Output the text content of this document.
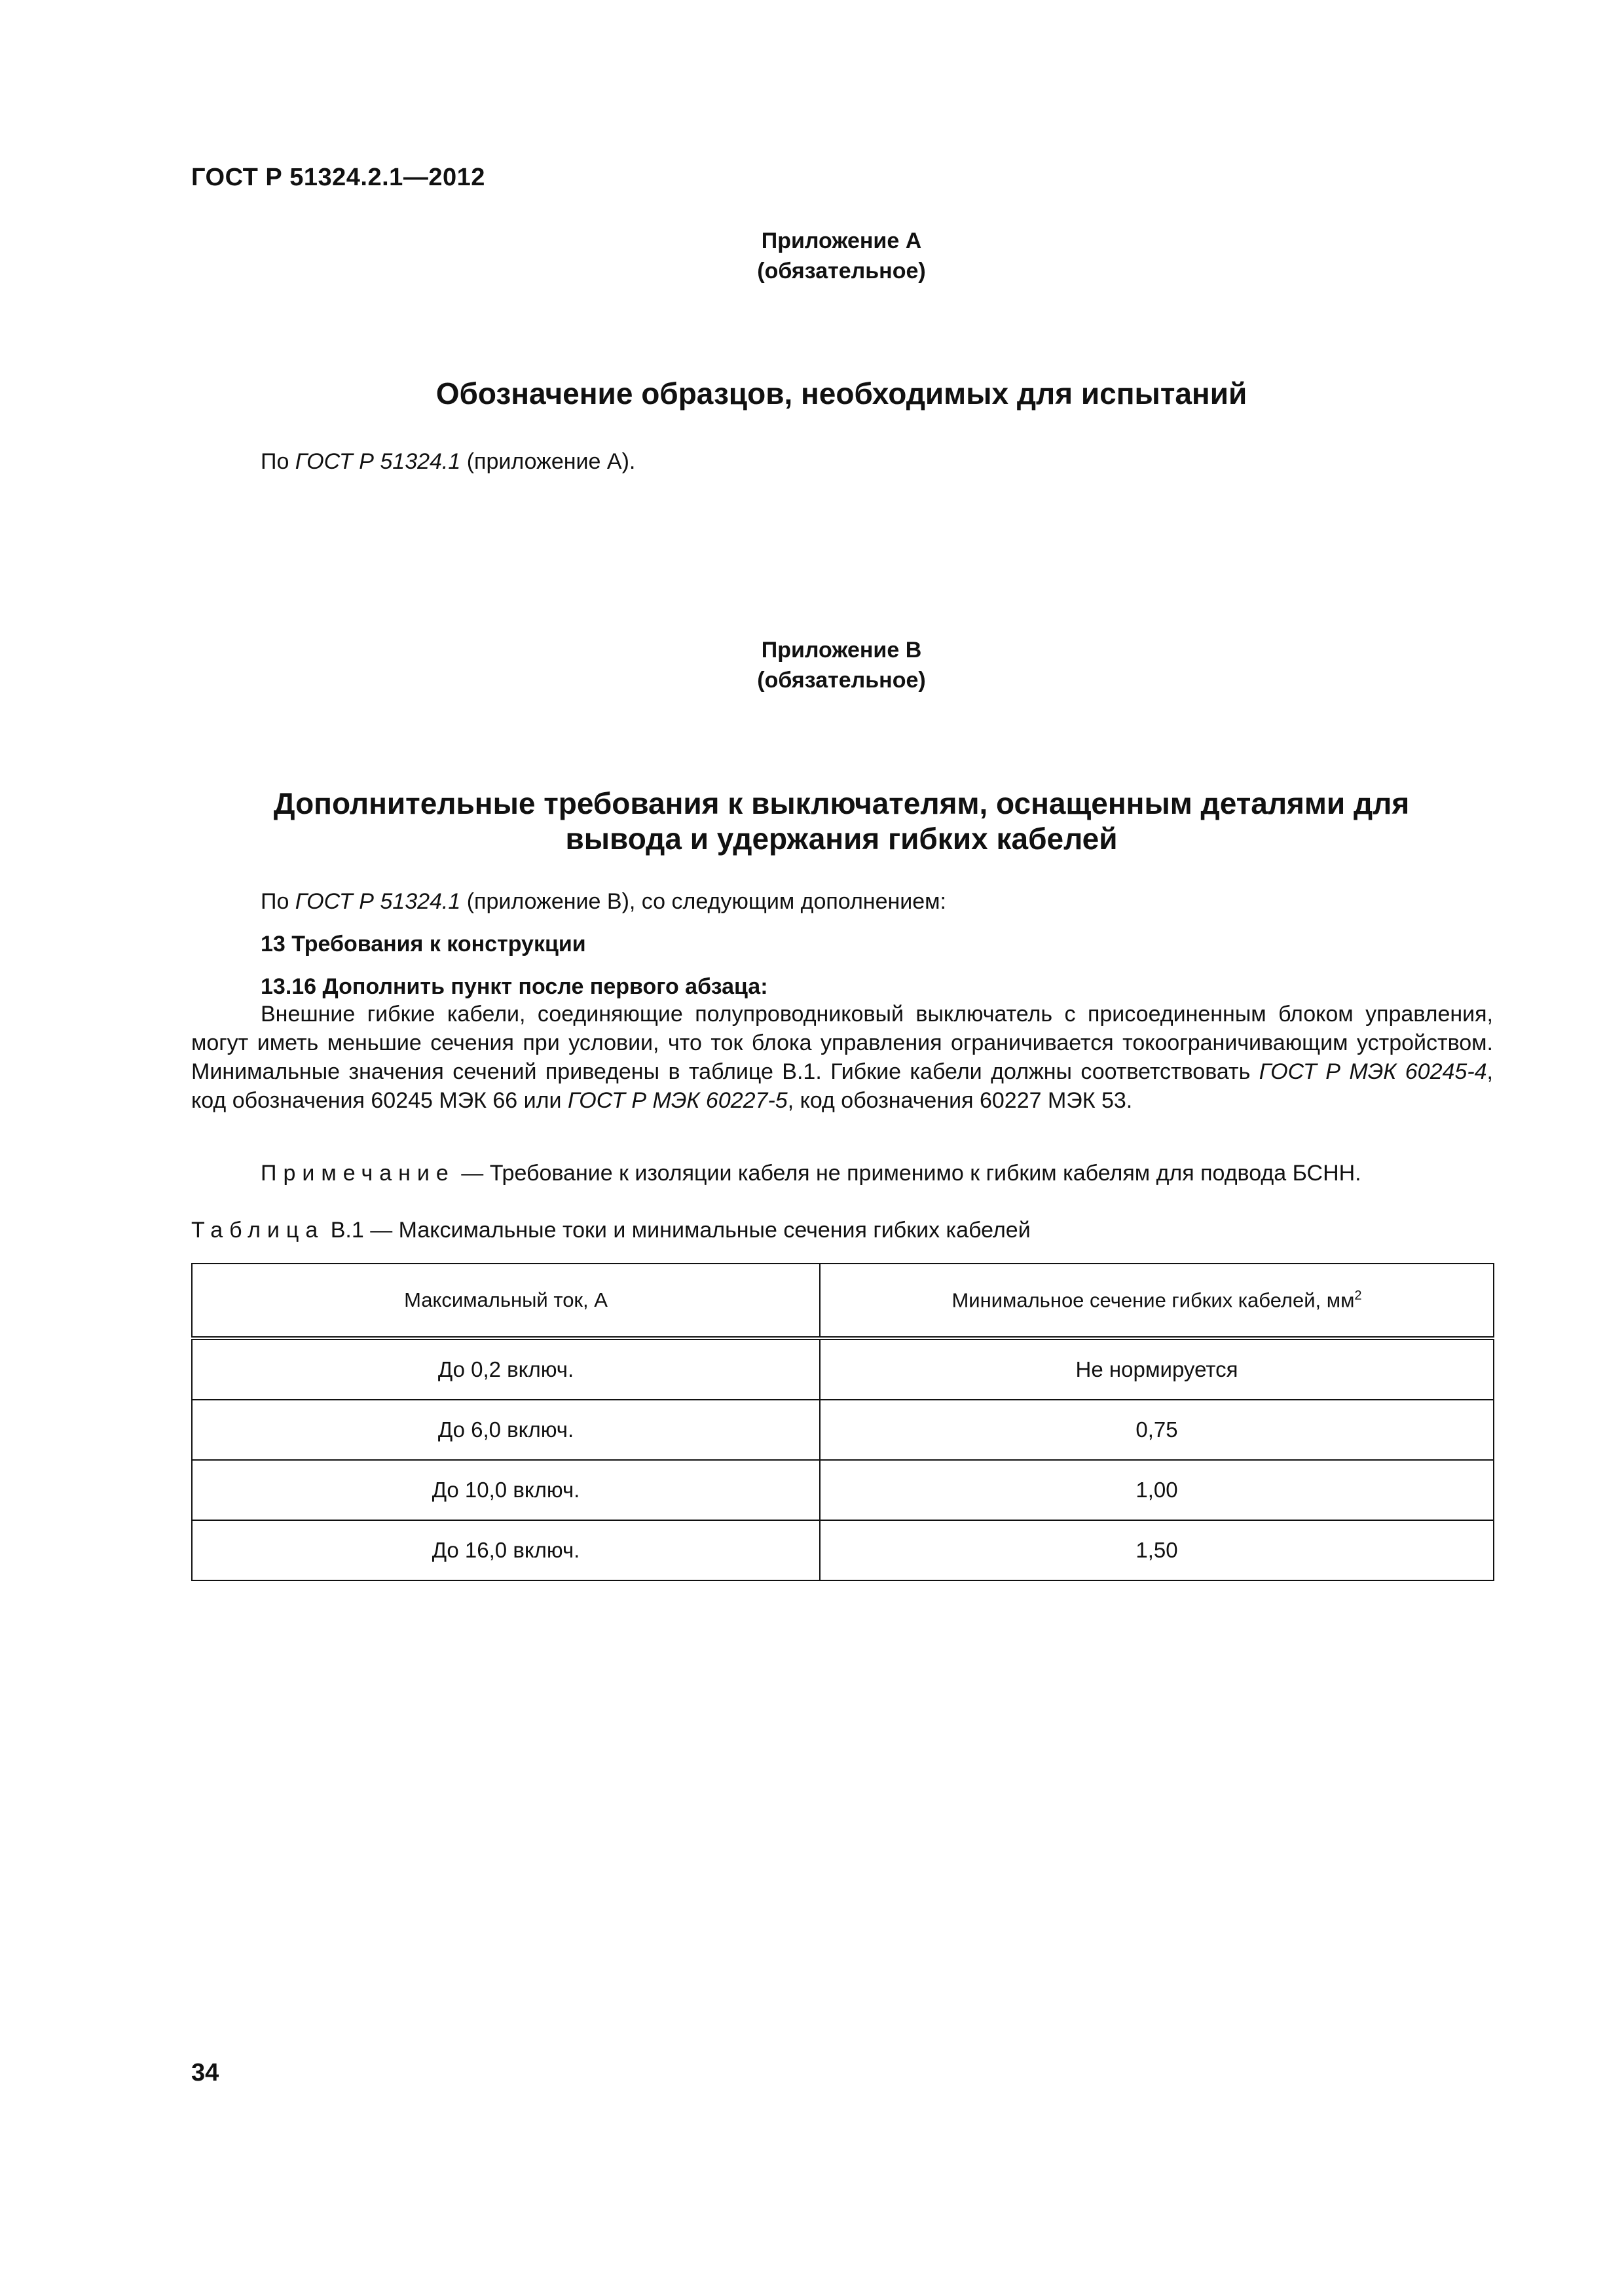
ГОСТ Р 51324.2.1—2012
Приложение А
(обязательное)
Обозначение образцов, необходимых для испытаний
По ГОСТ Р 51324.1 (приложение А).
Приложение В
(обязательное)
Дополнительные требования к выключателям, оснащенным деталями для
вывода и удержания гибких кабелей
По ГОСТ Р 51324.1 (приложение В), со следующим дополнением:
13 Требования к конструкции
13.16 Дополнить пункт после первого абзаца:
Внешние гибкие кабели, соединяющие полупроводниковый выключатель с присоединенным блоком управления, могут иметь меньшие сечения при условии, что ток блока управления ограничивается токоограничивающим устройством. Минимальные значения сечений приведены в таблице В.1. Гибкие кабели должны соответствовать ГОСТ Р МЭК 60245-4, код обозначения 60245 МЭК 66 или ГОСТ Р МЭК 60227-5, код обозначения 60227 МЭК 53.
Примечание — Требование к изоляции кабеля не применимо к гибким кабелям для подвода БСНН.
Таблица В.1 — Максимальные токи и минимальные сечения гибких кабелей
Максимальный ток, А	Минимальное сечение гибких кабелей, $мм^2$
До 0,2 включ.	Не нормируется
До 6,0 включ.	0,75
До 10,0 включ.	1,00
До 16,0 включ.	1,50
34
